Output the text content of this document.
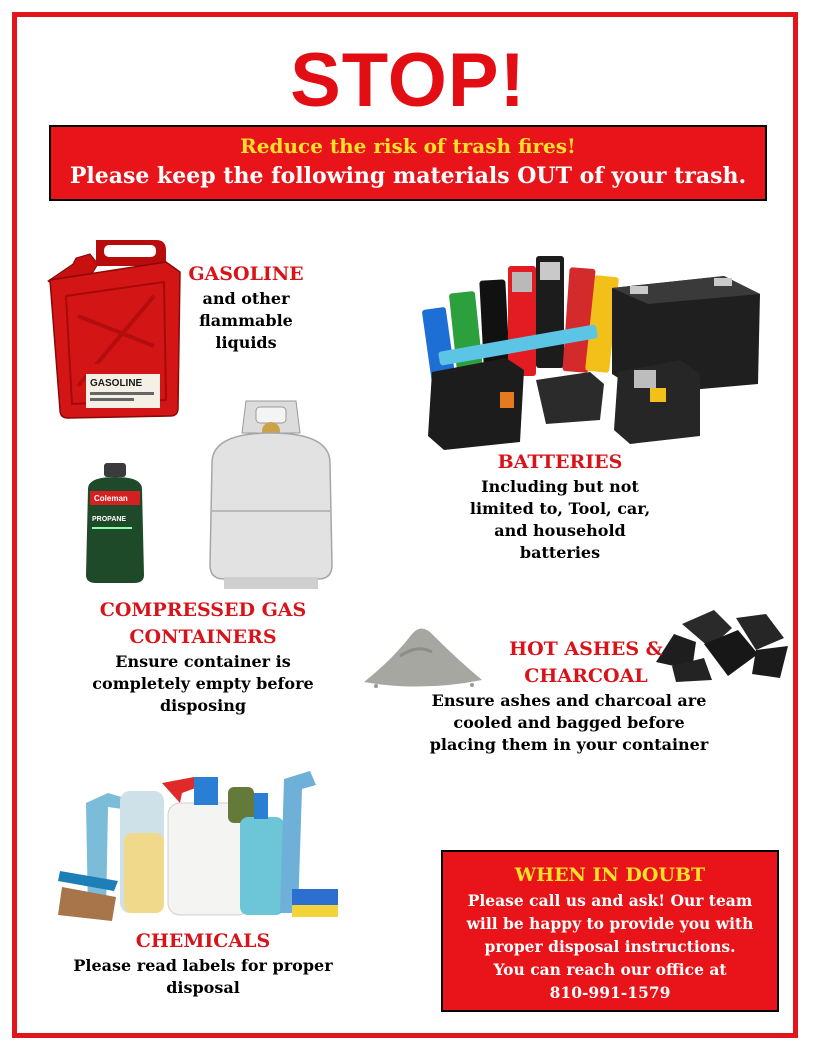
STOP!
Reduce the risk of trash fires!
Please keep the following materials OUT of your trash.
GASOLINE
GASOLINE
and other
flammable
liquids
BATTERIES
Including but not
limited to, Tool, car,
and household
batteries
Coleman
PROPANE
COMPRESSED GAS
CONTAINERS
Ensure container is
completely empty before
disposing
HOT ASHES &
CHARCOAL
Ensure ashes and charcoal are
cooled and bagged before
placing them in your container
CHEMICALS
Please read labels for proper
disposal
WHEN IN DOUBT
Please call us and ask! Our team
will be happy to provide you with
proper disposal instructions.
You can reach our office at
810-991-1579
